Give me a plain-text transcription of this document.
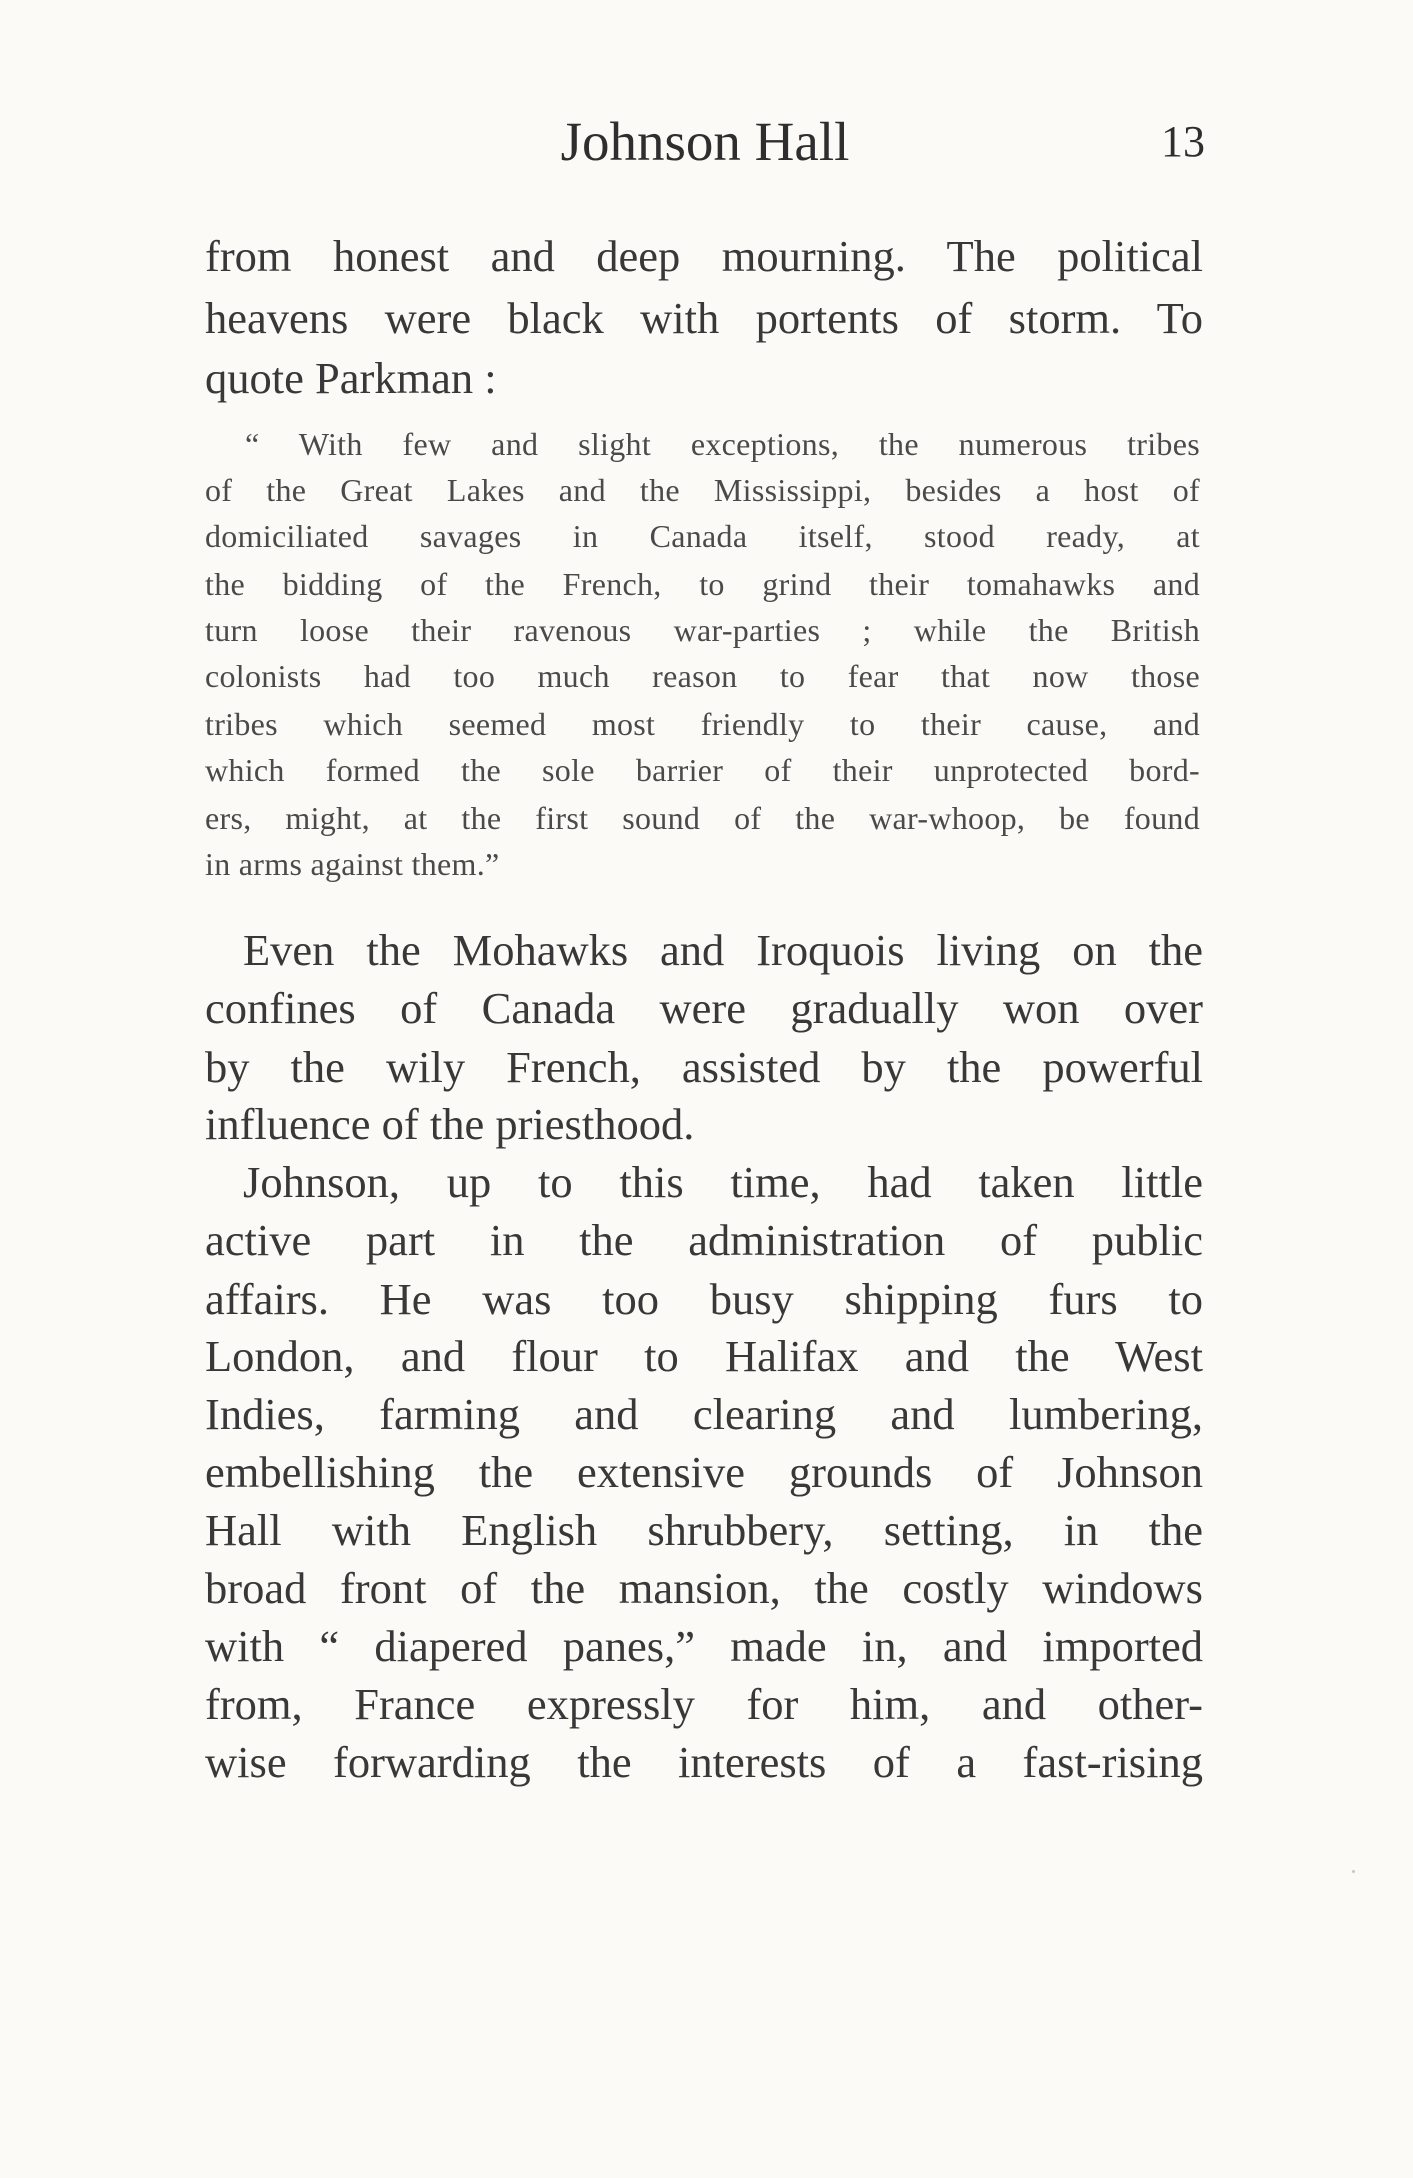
Johnson Hall	13
from honest and deep mourning. The political
heavens were black with portents of storm. To
quote Parkman :
“ With few and slight exceptions, the numerous tribes
of the Great Lakes and the Mississippi, besides a host of
domiciliated savages in Canada itself, stood ready, at
the bidding of the French, to grind their tomahawks and
turn loose their ravenous war-parties ; while the British
colonists had too much reason to fear that now those
tribes which seemed most friendly to their cause, and
which formed the sole barrier of their unprotected bord-
ers, might, at the first sound of the war-whoop, be found
in arms against them.”
Even the Mohawks and Iroquois living on the
confines of Canada were gradually won over
by the wily French, assisted by the powerful
influence of the priesthood.
Johnson, up to this time, had taken little
active part in the administration of public
affairs. He was too busy shipping furs to
London, and flour to Halifax and the West
Indies, farming and clearing and lumbering,
embellishing the extensive grounds of Johnson
Hall with English shrubbery, setting, in the
broad front of the mansion, the costly windows
with “ diapered panes,” made in, and imported
from, France expressly for him, and other-
wise forwarding the interests of a fast-rising
